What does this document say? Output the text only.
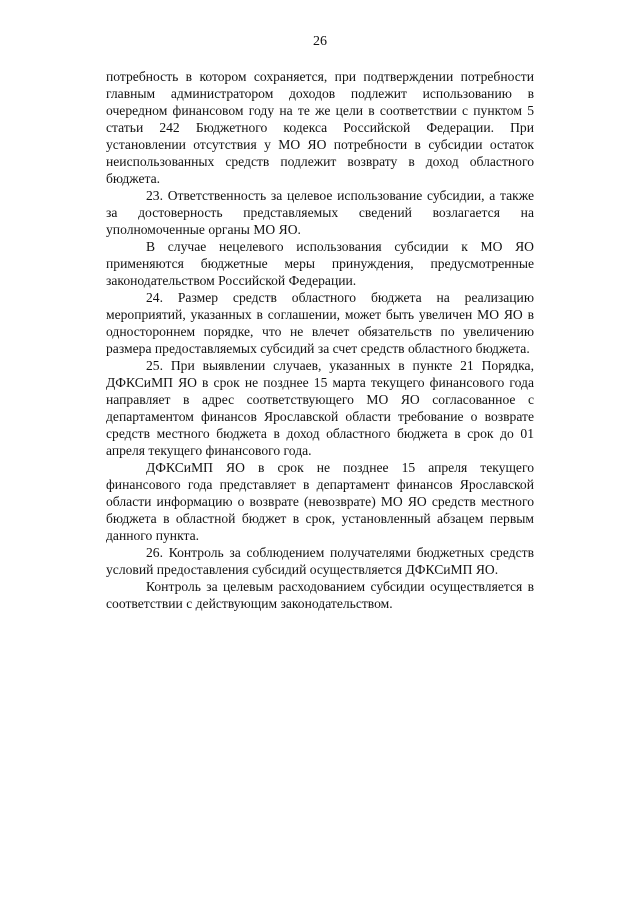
26

потребность в котором сохраняется, при подтверждении потребности главным администратором доходов подлежит использованию в очередном финансовом году на те же цели в соответствии с пунктом 5 статьи 242 Бюджетного кодекса Российской Федерации. При установлении отсутствия у МО ЯО потребности в субсидии остаток неиспользованных средств подлежит возврату в доход областного бюджета.

23. Ответственность за целевое использование субсидии, а также за достоверность представляемых сведений возлагается на уполномоченные органы МО ЯО.

В случае нецелевого использования субсидии к МО ЯО применяются бюджетные меры принуждения, предусмотренные законодательством Российской Федерации.

24. Размер средств областного бюджета на реализацию мероприятий, указанных в соглашении, может быть увеличен МО ЯО в одностороннем порядке, что не влечет обязательств по увеличению размера предоставляемых субсидий за счет средств областного бюджета.

25. При выявлении случаев, указанных в пункте 21 Порядка, ДФКСиМП ЯО в срок не позднее 15 марта текущего финансового года направляет в адрес соответствующего МО ЯО согласованное с департаментом финансов Ярославской области требование о возврате средств местного бюджета в доход областного бюджета в срок до 01 апреля текущего финансового года.

ДФКСиМП ЯО в срок не позднее 15 апреля текущего финансового года представляет в департамент финансов Ярославской области информацию о возврате (невозврате) МО ЯО средств местного бюджета в областной бюджет в срок, установленный абзацем первым данного пункта.

26. Контроль за соблюдением получателями бюджетных средств условий предоставления субсидий осуществляется ДФКСиМП ЯО.

Контроль за целевым расходованием субсидии осуществляется в соответствии с действующим законодательством.
